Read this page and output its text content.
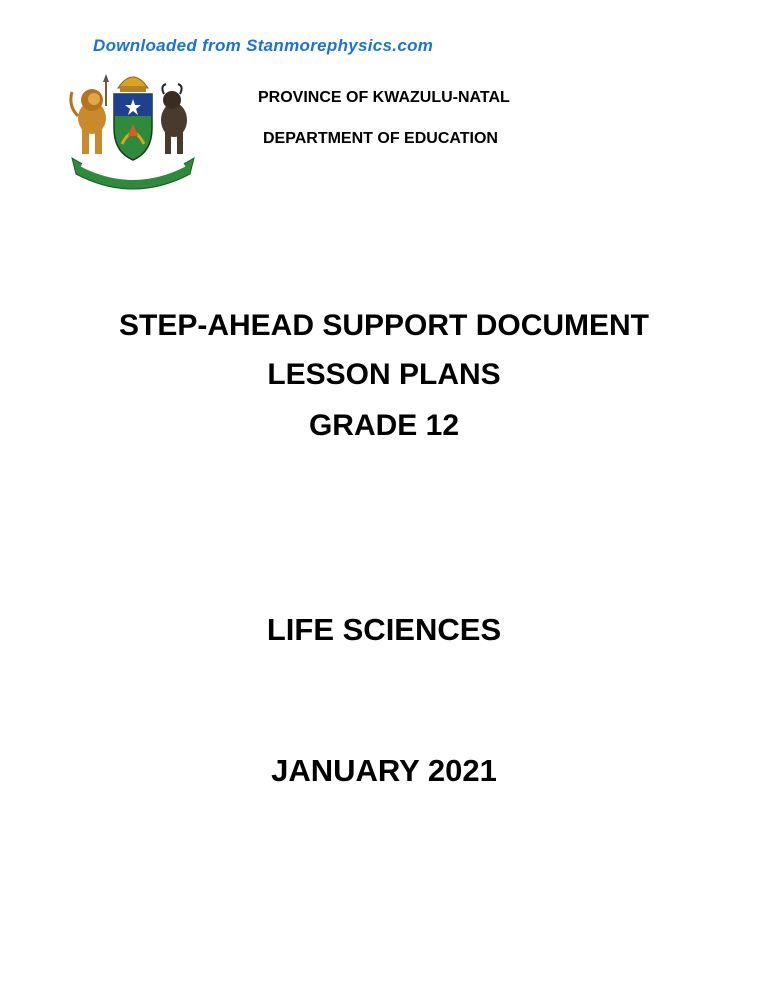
Downloaded from Stanmorephysics.com
PROVINCE OF KWAZULU-NATAL
DEPARTMENT OF EDUCATION
STEP-AHEAD SUPPORT DOCUMENT
LESSON PLANS
GRADE 12
LIFE SCIENCES
JANUARY 2021
